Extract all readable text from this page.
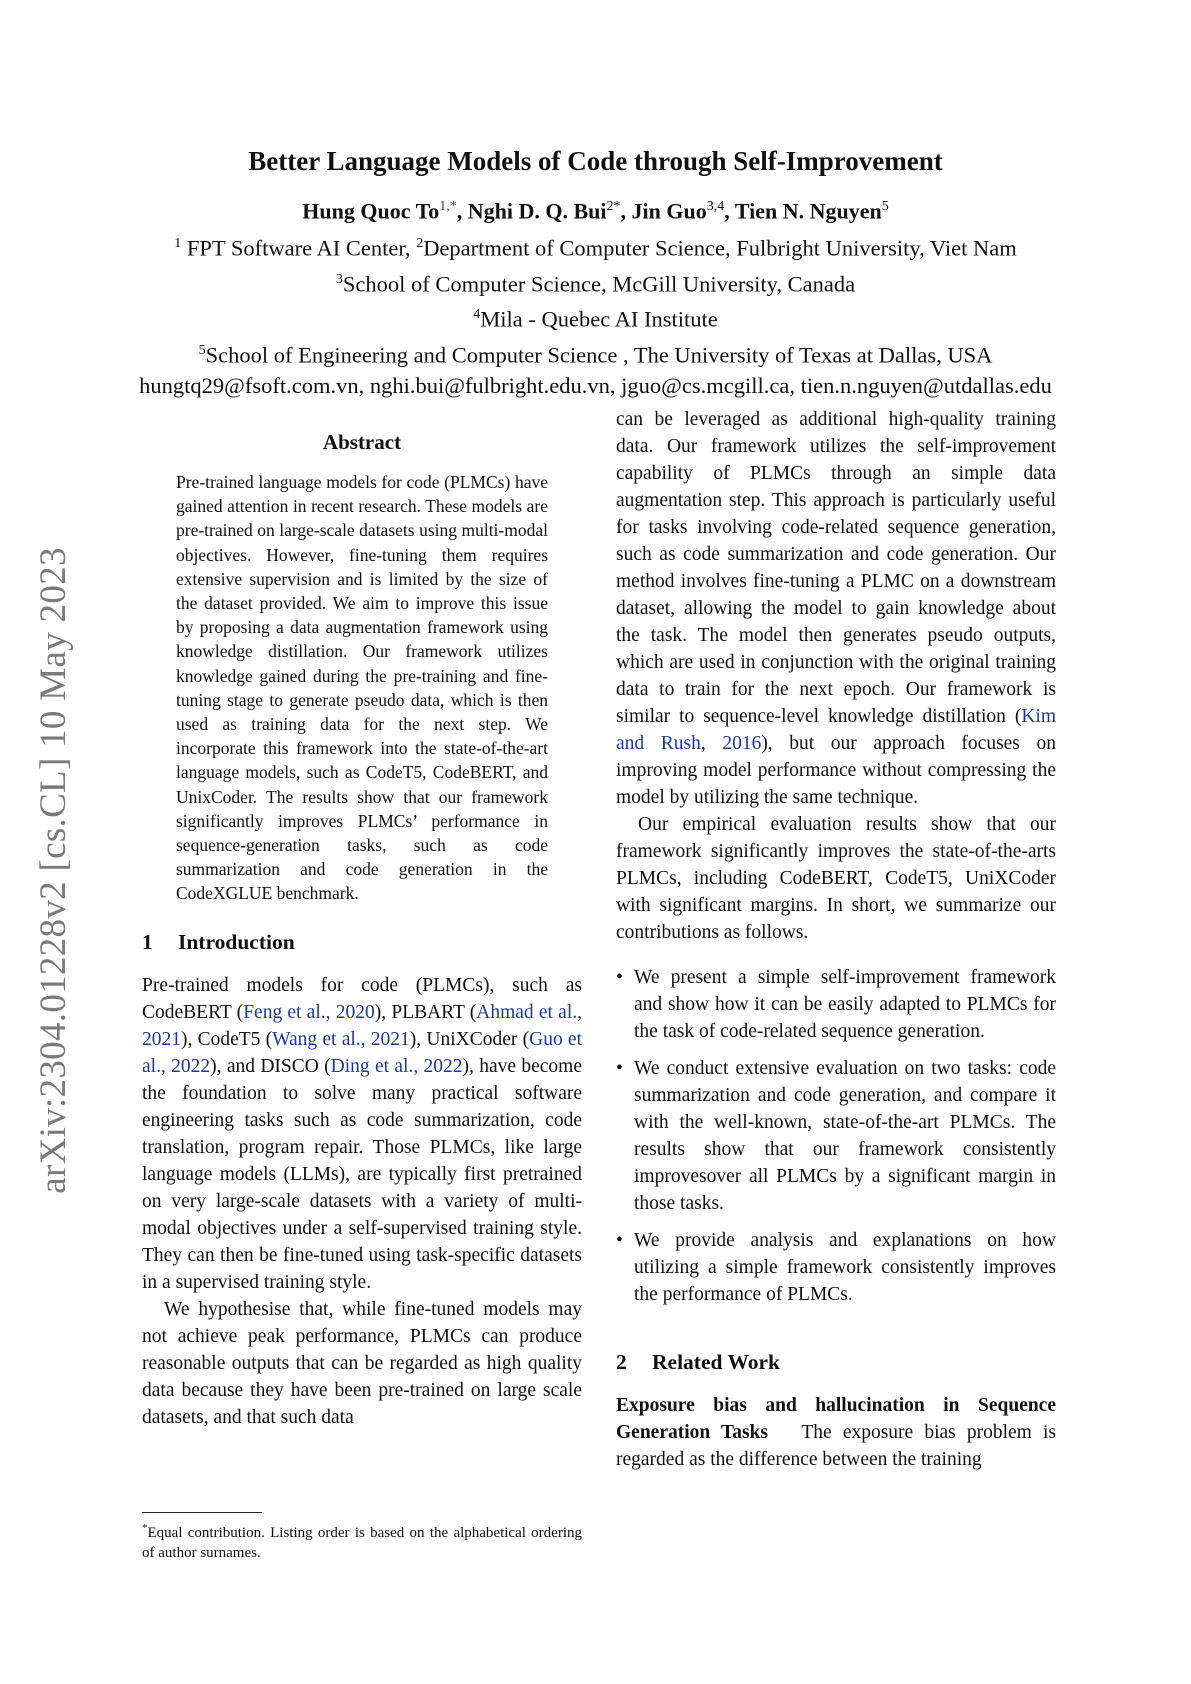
arXiv:2304.01228v2 [cs.CL] 10 May 2023
Better Language Models of Code through Self-Improvement
Hung Quoc $To^{1,*}$, Nghi D. Q. Bui$^{2*}$, Jin Guo$^{3,4}$, Tien N. Nguyen$^5$
$^1$ FPT Software AI Center, $^2$Department of Computer Science, Fulbright University, Viet Nam
$^3$School of Computer Science, McGill University, Canada
$^4$Mila - Quebec AI Institute
$^5$School of Engineering and Computer Science , The University of Texas at Dallas, USA
hungtq29@fsoft.com.vn, nghi.bui@fulbright.edu.vn, jguo@cs.mcgill.ca, tien.n.nguyen@utdallas.edu
Abstract
Pre-trained language models for code (PLMCs) have gained attention in recent research. These models are pre-trained on large-scale datasets using multi-modal objectives. However, fine-tuning them requires extensive supervision and is limited by the size of the dataset provided. We aim to improve this issue by proposing a data augmentation framework using knowledge distillation. Our framework utilizes knowledge gained during the pre-training and fine-tuning stage to generate pseudo data, which is then used as training data for the next step. We incorporate this framework into the state-of-the-art language models, such as CodeT5, CodeBERT, and UnixCoder. The results show that our framework significantly improves PLMCs’ performance in sequence-generation tasks, such as code summarization and code generation in the CodeXGLUE benchmark.
1 Introduction

Pre-trained models for code (PLMCs), such as CodeBERT (Feng et al., 2020), PLBART (Ahmad et al., 2021), CodeT5 (Wang et al., 2021), UniXCoder (Guo et al., 2022), and DISCO (Ding et al., 2022), have become the foundation to solve many practical software engineering tasks such as code summarization, code translation, program repair. Those PLMCs, like large language models (LLMs), are typically first pretrained on very large-scale datasets with a variety of multi-modal objectives under a self-supervised training style. They can then be fine-tuned using task-specific datasets in a supervised training style.

We hypothesise that, while fine-tuned models may not achieve peak performance, PLMCs can produce reasonable outputs that can be regarded as high quality data because they have been pre-trained on large scale datasets, and that such data

can be leveraged as additional high-quality training data. Our framework utilizes the self-improvement capability of PLMCs through an simple data augmentation step. This approach is particularly useful for tasks involving code-related sequence generation, such as code summarization and code generation. Our method involves fine-tuning a PLMC on a downstream dataset, allowing the model to gain knowledge about the task. The model then generates pseudo outputs, which are used in conjunction with the original training data to train for the next epoch. Our framework is similar to sequence-level knowledge distillation (Kim and Rush, 2016), but our approach focuses on improving model performance without compressing the model by utilizing the same technique.

Our empirical evaluation results show that our framework significantly improves the state-of-the-arts PLMCs, including CodeBERT, CodeT5, UniXCoder with significant margins. In short, we summarize our contributions as follows.

• We present a simple self-improvement framework and show how it can be easily adapted to PLMCs for the task of code-related sequence generation.
• We conduct extensive evaluation on two tasks: code summarization and code generation, and compare it with the well-known, state-of-the-art PLMCs. The results show that our framework consistently improvesover all PLMCs by a significant margin in those tasks.
• We provide analysis and explanations on how utilizing a simple framework consistently improves the performance of PLMCs.
2 Related Work

Exposure bias and hallucination in Sequence Generation Tasks The exposure bias problem is regarded as the difference between the training

*Equal contribution. Listing order is based on the alphabetical ordering of author surnames.
